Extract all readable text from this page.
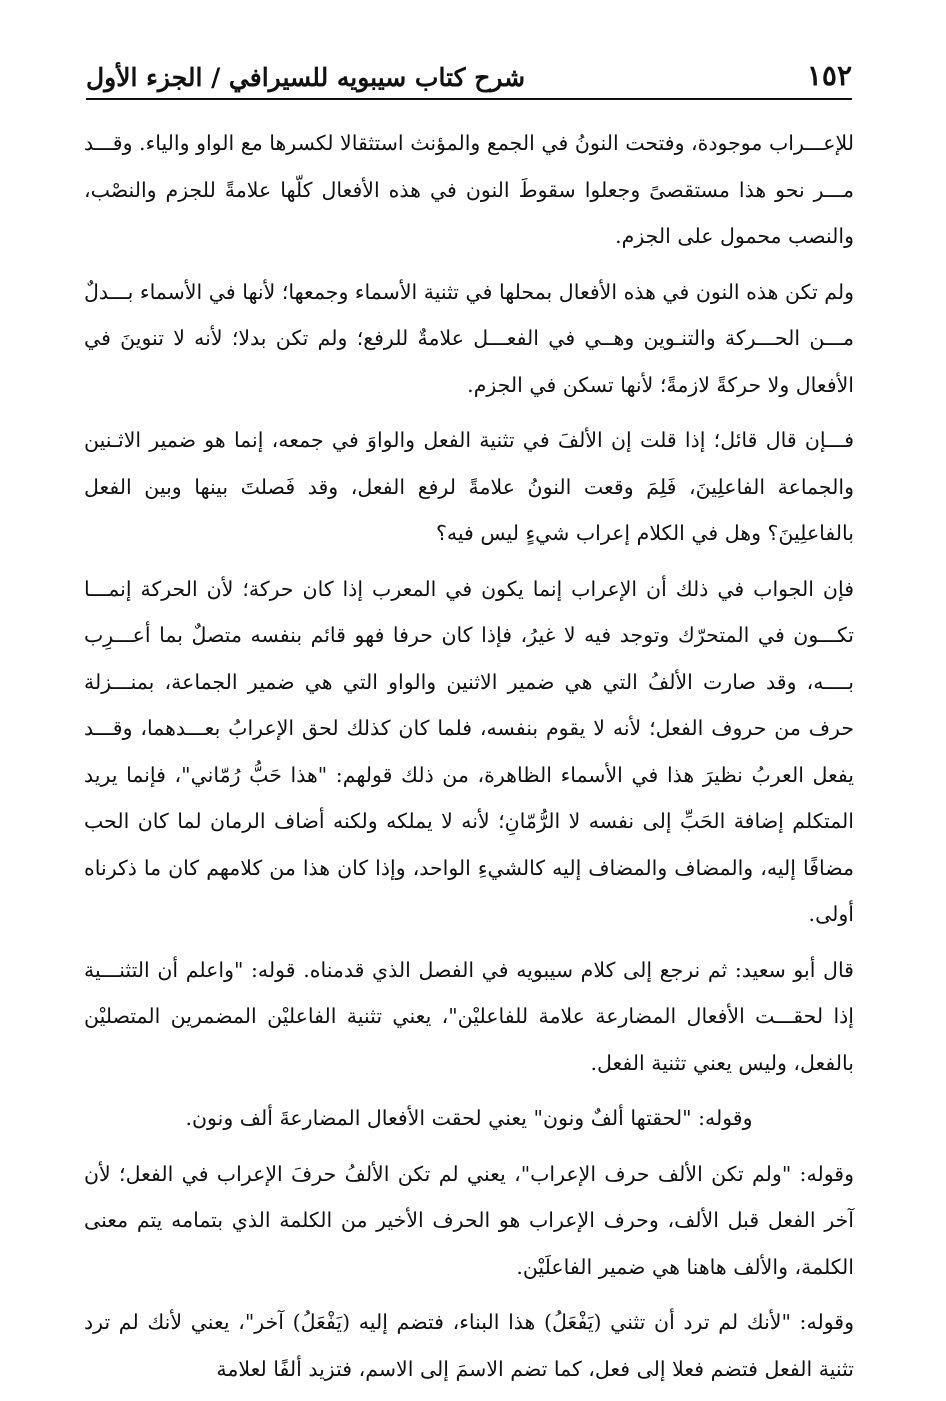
١٥٢
شرح كتاب سيبويه للسيرافي / الجزء الأول

للإعـــراب موجودة، وفتحت النونُ في الجمع والمؤنث استثقالا لكسرها مع الواو والياء. وقـــد مـــر نحو هذا مستقصىً وجعلوا سقوطَ النون في هذه الأفعال كلّها علامةً للجزم والنصْب، والنصب محمول على الجزم.

ولم تكن هذه النون في هذه الأفعال بمحلها في تثنية الأسماء وجمعها؛ لأنها في الأسماء بـــدلٌ مـــن الحـــركة والتنـوين وهــي في الفعـــل علامةٌ للرفع؛ ولم تكن بدلا؛ لأنه لا تنوينَ في الأفعال ولا حركةً لازمةً؛ لأنها تسكن في الجزم.

فـــإن قال قائل؛ إذا قلت إن الألفَ في تثنية الفعل والواوَ في جمعه، إنما هو ضمير الاثـنين والجماعة الفاعلِينَ، فَلِمَ وقعت النونُ علامةً لرفع الفعل، وقد فَصلتَ بينها وبين الفعل بالفاعلِينَ؟ وهل في الكلام إعراب شيءٍ ليس فيه؟

فإن الجواب في ذلك أن الإعراب إنما يكون في المعرب إذا كان حركة؛ لأن الحركة إنمـــا تكـــون في المتحرّك وتوجد فيه لا غيرُ، فإذا كان حرفا فهو قائم بنفسه متصلٌ بما أعـــرِب بــــه، وقد صارت الألفُ التي هي ضمير الاثنين والواو التي هي ضمير الجماعة، بمنـــزلة حرف من حروف الفعل؛ لأنه لا يقوم بنفسه، فلما كان كذلك لحق الإعرابُ بعـــدهما، وقـــد يفعل العربُ نظيرَ هذا في الأسماء الظاهرة، من ذلك قولهم: "هذا حَبُّ رُمّاني"، فإنما يريد المتكلم إضافة الحَبِّ إلى نفسه لا الرُّمّانِ؛ لأنه لا يملكه ولكنه أضاف الرمان لما كان الحب مضافًا إليه، والمضاف والمضاف إليه كالشيءِ الواحد، وإذا كان هذا من كلامهم كان ما ذكرناه أولى.

قال أبو سعيد: ثم نرجع إلى كلام سيبويه في الفصل الذي قدمناه. قوله: "واعلم أن التثنـــية إذا لحقـــت الأفعال المضارعة علامة للفاعليْن"، يعني تثنية الفاعليْن المضمرين المتصليْن بالفعل، وليس يعني تثنية الفعل.

وقوله: "لحقتها ألفٌ ونون" يعني لحقت الأفعال المضارعةَ ألف ونون.

وقوله: "ولم تكن الألف حرف الإعراب"، يعني لم تكن الألفُ حرفَ الإعراب في الفعل؛ لأن آخر الفعل قبل الألف، وحرف الإعراب هو الحرف الأخير من الكلمة الذي بتمامه يتم معنى الكلمة، والألف هاهنا هي ضمير الفاعلَيْن.

وقوله: "لأنك لم ترد أن تثني (يَفْعَلُ) هذا البناء، فتضم إليه (يَفْعَلُ) آخر"، يعني لأنك لم ترد تثنية الفعل فتضم فعلا إلى فعل، كما تضم الاسمَ إلى الاسم، فتزيد ألفًا لعلامة
